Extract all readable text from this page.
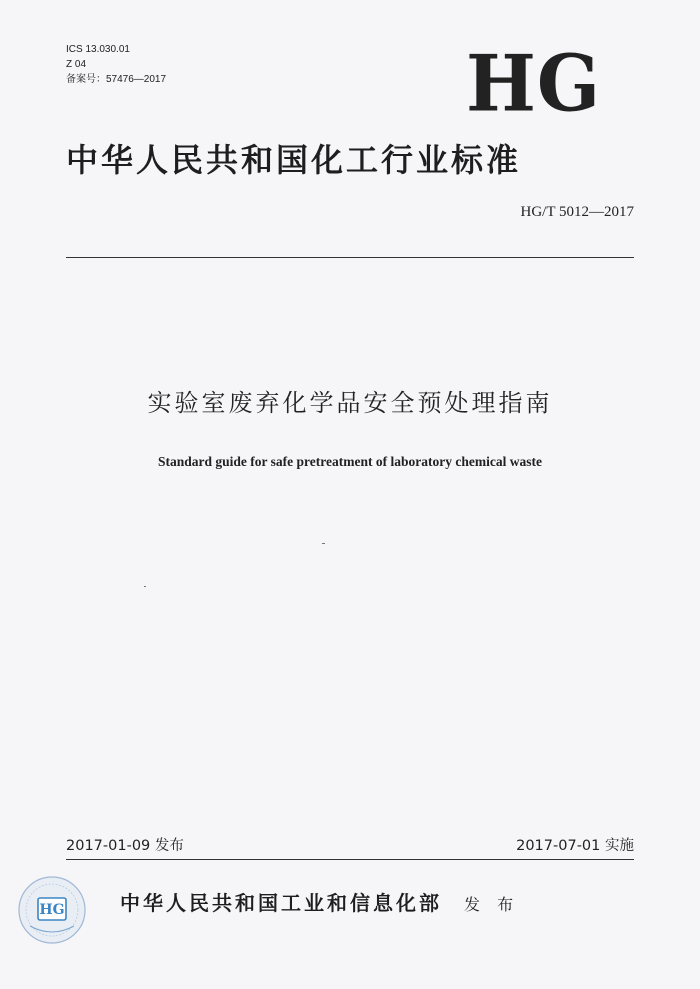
ICS 13.030.01
Z 04
备案号：57476—2017	HG
中华人民共和国化工行业标准
HG/T 5012—2017
实验室废弃化学品安全预处理指南
Standard guide for safe pretreatment of laboratory chemical waste
2017-01-09 发布	2017-07-01 实施
HG	中华人民共和国工业和信息化部 发 布
